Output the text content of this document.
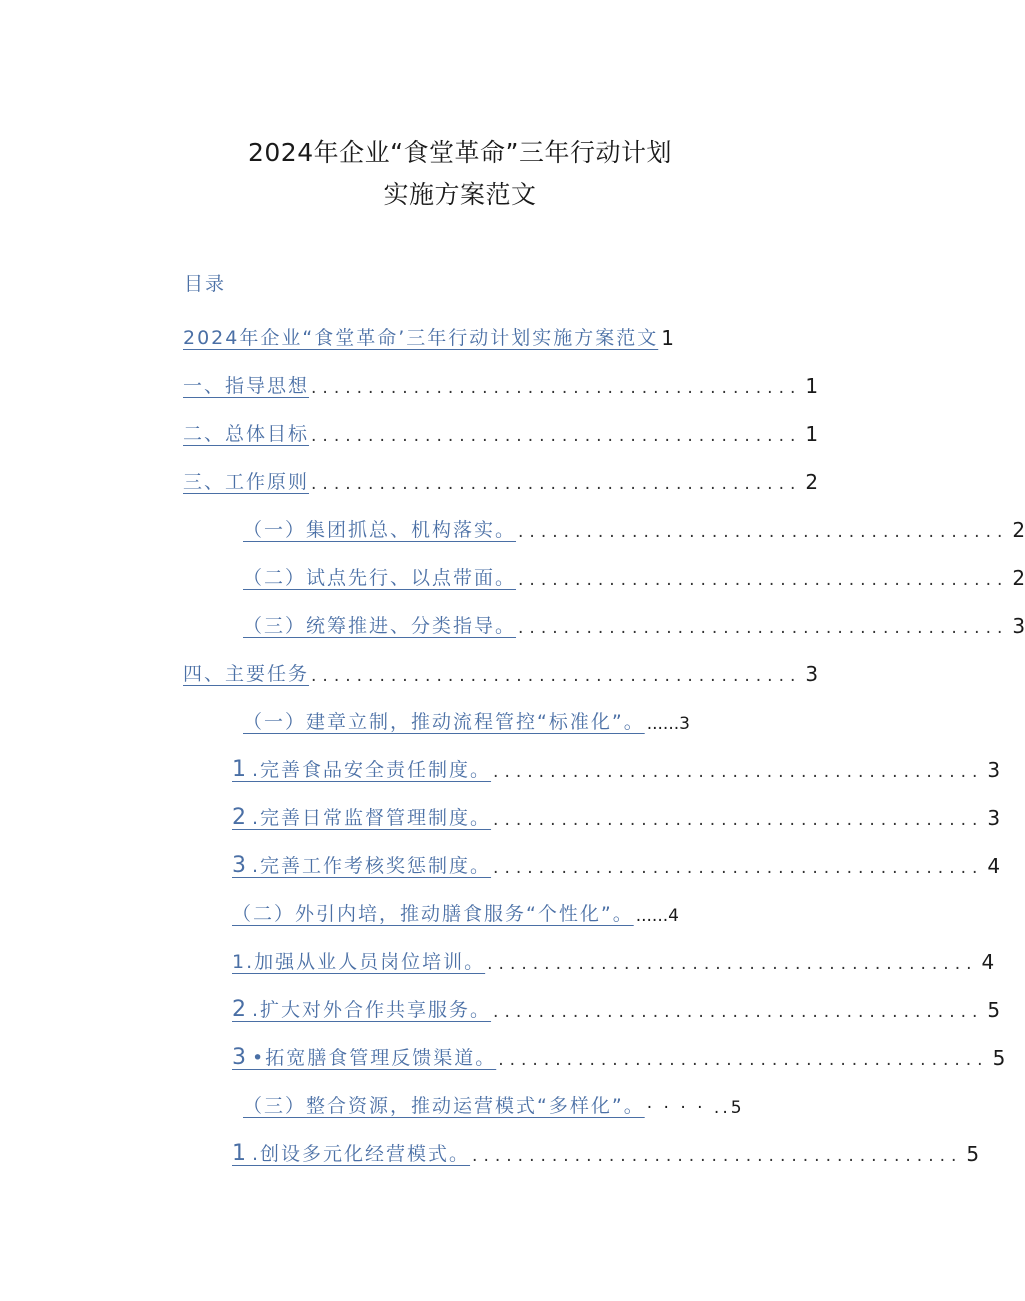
2024年企业“食堂革命”三年行动计划
实施方案范文
目录
2024年企业“食堂革命’三年行动计划实施方案范文 1
一、指导思想 ........................................... 1
二、总体目标 ........................................... 1
三、工作原则 ........................................... 2
（一）集团抓总、机构落实。 ........................................... 2
（二）试点先行、以点带面。 ........................................... 2
（三）统筹推进、分类指导。 ........................................... 3
四、主要任务 ........................................... 3
（一）建章立制，推动流程管控“标准化”。 ......3
1.完善食品安全责任制度。 ........................................... 3
2.完善日常监督管理制度。 ........................................... 3
3.完善工作考核奖惩制度。 ........................................... 4
（二）外引内培，推动膳食服务“个性化”。 ......4
1.加强从业人员岗位培训。 ........................................... 4
2.扩大对外合作共享服务。 ........................................... 5
3•拓宽膳食管理反馈渠道。 ........................................... 5
（三）整合资源，推动运营模式“多样化”。 · · · · ..5
1.创设多元化经营模式。 ........................................... 5
